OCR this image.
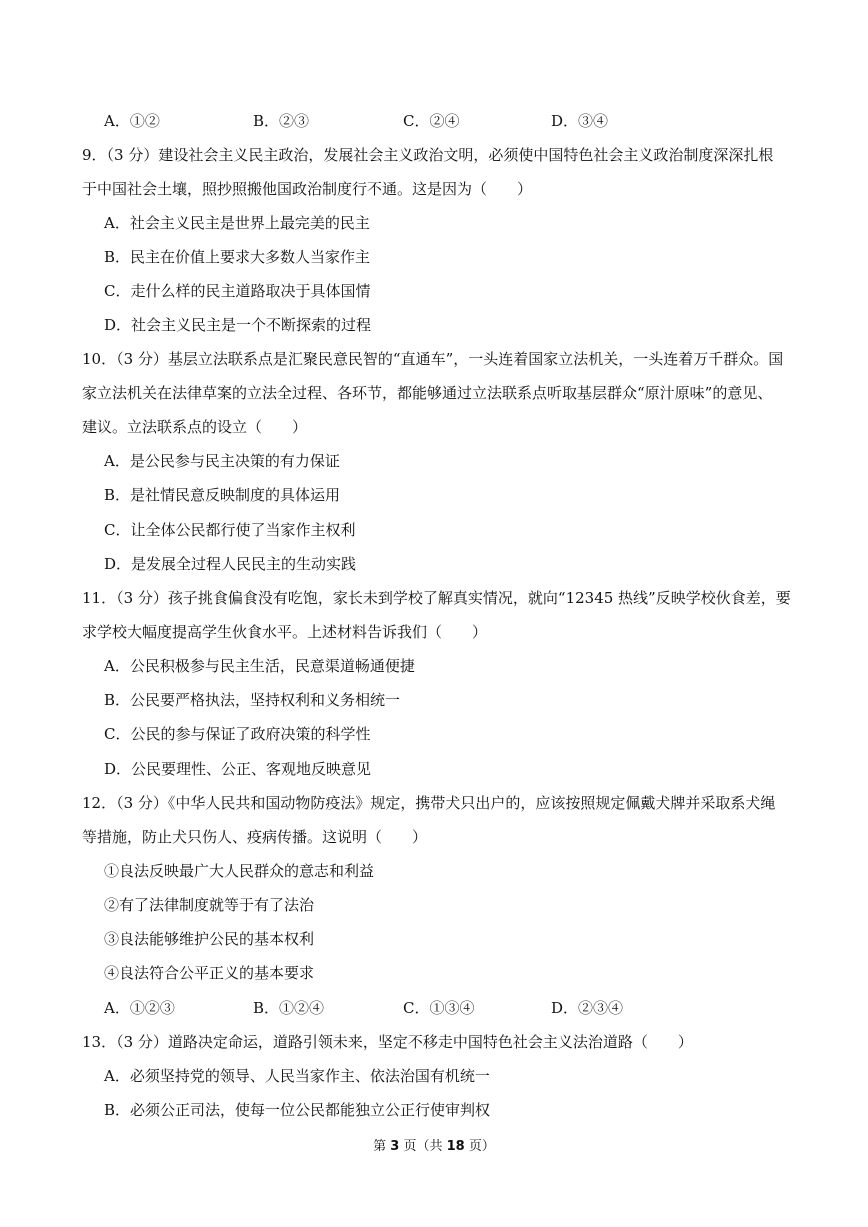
A．①②	B．②③	C．②④	D．③④
9．（3 分）建设社会主义民主政治，发展社会主义政治文明，必须使中国特色社会主义政治制度深深扎根
于中国社会土壤，照抄照搬他国政治制度行不通。这是因为（　　）
A．社会主义民主是世界上最完美的民主
B．民主在价值上要求大多数人当家作主
C．走什么样的民主道路取决于具体国情
D．社会主义民主是一个不断探索的过程
10．（3 分）基层立法联系点是汇聚民意民智的“直通车”，一头连着国家立法机关，一头连着万千群众。国
家立法机关在法律草案的立法全过程、各环节，都能够通过立法联系点听取基层群众“原汁原味”的意见、
建议。立法联系点的设立（　　）
A．是公民参与民主决策的有力保证
B．是社情民意反映制度的具体运用
C．让全体公民都行使了当家作主权利
D．是发展全过程人民民主的生动实践
11．（3 分）孩子挑食偏食没有吃饱，家长未到学校了解真实情况，就向“12345 热线”反映学校伙食差，要
求学校大幅度提高学生伙食水平。上述材料告诉我们（　　）
A．公民积极参与民主生活，民意渠道畅通便捷
B．公民要严格执法，坚持权利和义务相统一
C．公民的参与保证了政府决策的科学性
D．公民要理性、公正、客观地反映意见
12．（3 分）《中华人民共和国动物防疫法》规定，携带犬只出户的，应该按照规定佩戴犬牌并采取系犬绳
等措施，防止犬只伤人、疫病传播。这说明（　　）
①良法反映最广大人民群众的意志和利益
②有了法律制度就等于有了法治
③良法能够维护公民的基本权利
④良法符合公平正义的基本要求
A．①②③	B．①②④	C．①③④	D．②③④
13．（3 分）道路决定命运，道路引领未来，坚定不移走中国特色社会主义法治道路（　　）
A．必须坚持党的领导、人民当家作主、依法治国有机统一
B．必须公正司法，使每一位公民都能独立公正行使审判权
第 3 页（共 18 页）
